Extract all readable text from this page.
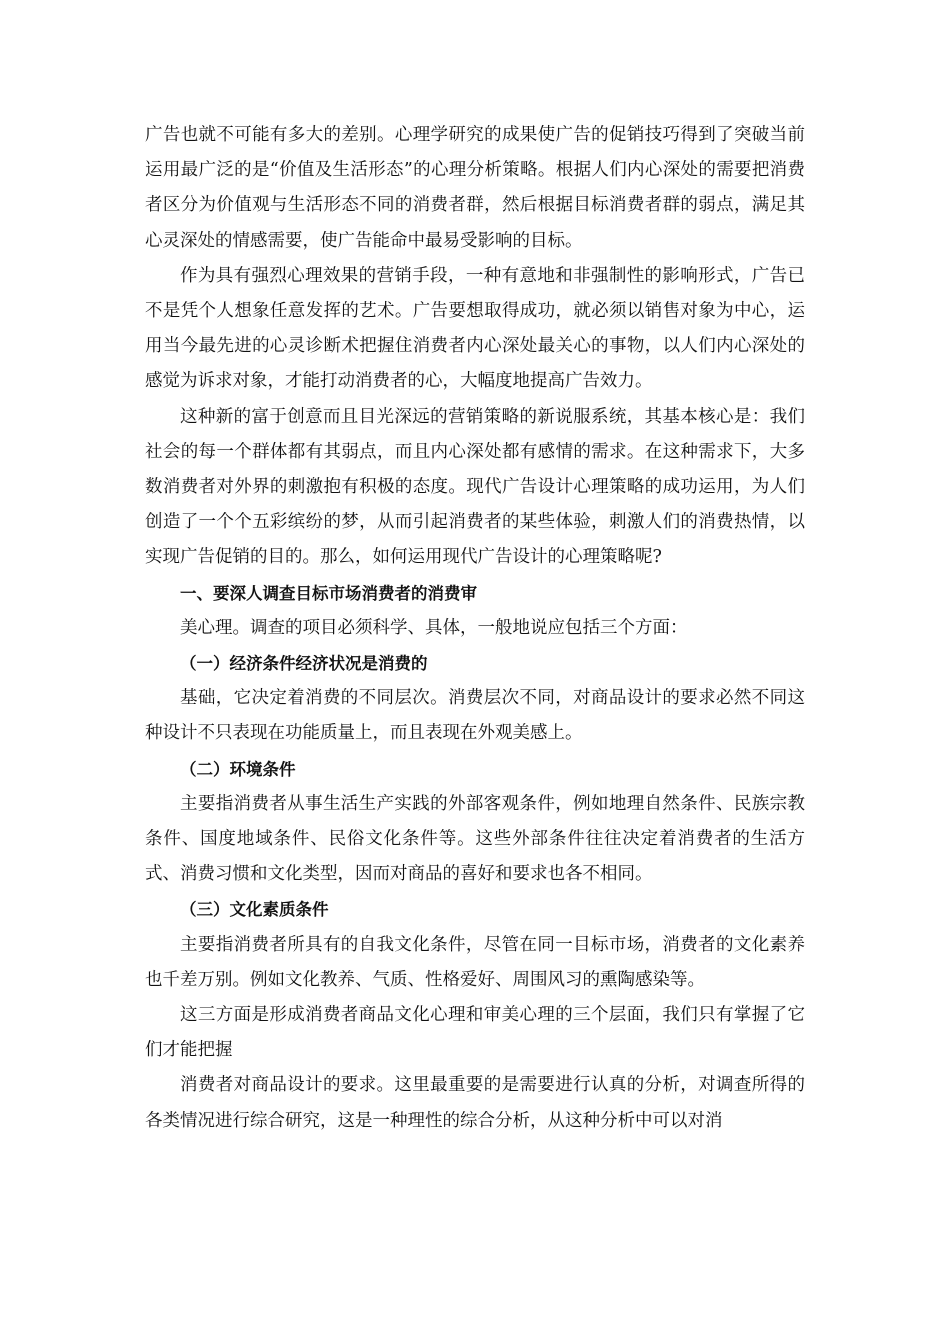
广告也就不可能有多大的差别。心理学研究的成果使广告的促销技巧得到了突破当前运用最广泛的是“价值及生活形态”的心理分析策略。根据人们内心深处的需要把消费者区分为价值观与生活形态不同的消费者群，然后根据目标消费者群的弱点，满足其心灵深处的情感需要，使广告能命中最易受影响的目标。

作为具有强烈心理效果的营销手段，一种有意地和非强制性的影响形式，广告已不是凭个人想象任意发挥的艺术。广告要想取得成功，就必须以销售对象为中心，运用当今最先进的心灵诊断术把握住消费者内心深处最关心的事物，以人们内心深处的感觉为诉求对象，才能打动消费者的心，大幅度地提高广告效力。

这种新的富于创意而且目光深远的营销策略的新说服系统，其基本核心是：我们社会的每一个群体都有其弱点，而且内心深处都有感情的需求。在这种需求下，大多数消费者对外界的刺激抱有积极的态度。现代广告设计心理策略的成功运用，为人们创造了一个个五彩缤纷的梦，从而引起消费者的某些体验，刺激人们的消费热情，以实现广告促销的目的。那么，如何运用现代广告设计的心理策略呢?

一、要深人调查目标市场消费者的消费审

美心理。调查的项目必须科学、具体，一般地说应包括三个方面：

（一）经济条件经济状况是消费的

基础，它决定着消费的不同层次。消费层次不同，对商品设计的要求必然不同这种设计不只表现在功能质量上，而且表现在外观美感上。

（二）环境条件

主要指消费者从事生活生产实践的外部客观条件，例如地理自然条件、民族宗教条件、国度地域条件、民俗文化条件等。这些外部条件往往决定着消费者的生活方式、消费习惯和文化类型，因而对商品的喜好和要求也各不相同。

（三）文化素质条件

主要指消费者所具有的自我文化条件，尽管在同一目标市场，消费者的文化素养也千差万别。例如文化教养、气质、性格爱好、周围风习的熏陶感染等。

这三方面是形成消费者商品文化心理和审美心理的三个层面，我们只有掌握了它们才能把握

消费者对商品设计的要求。这里最重要的是需要进行认真的分析，对调查所得的各类情况进行综合研究，这是一种理性的综合分析，从这种分析中可以对消
